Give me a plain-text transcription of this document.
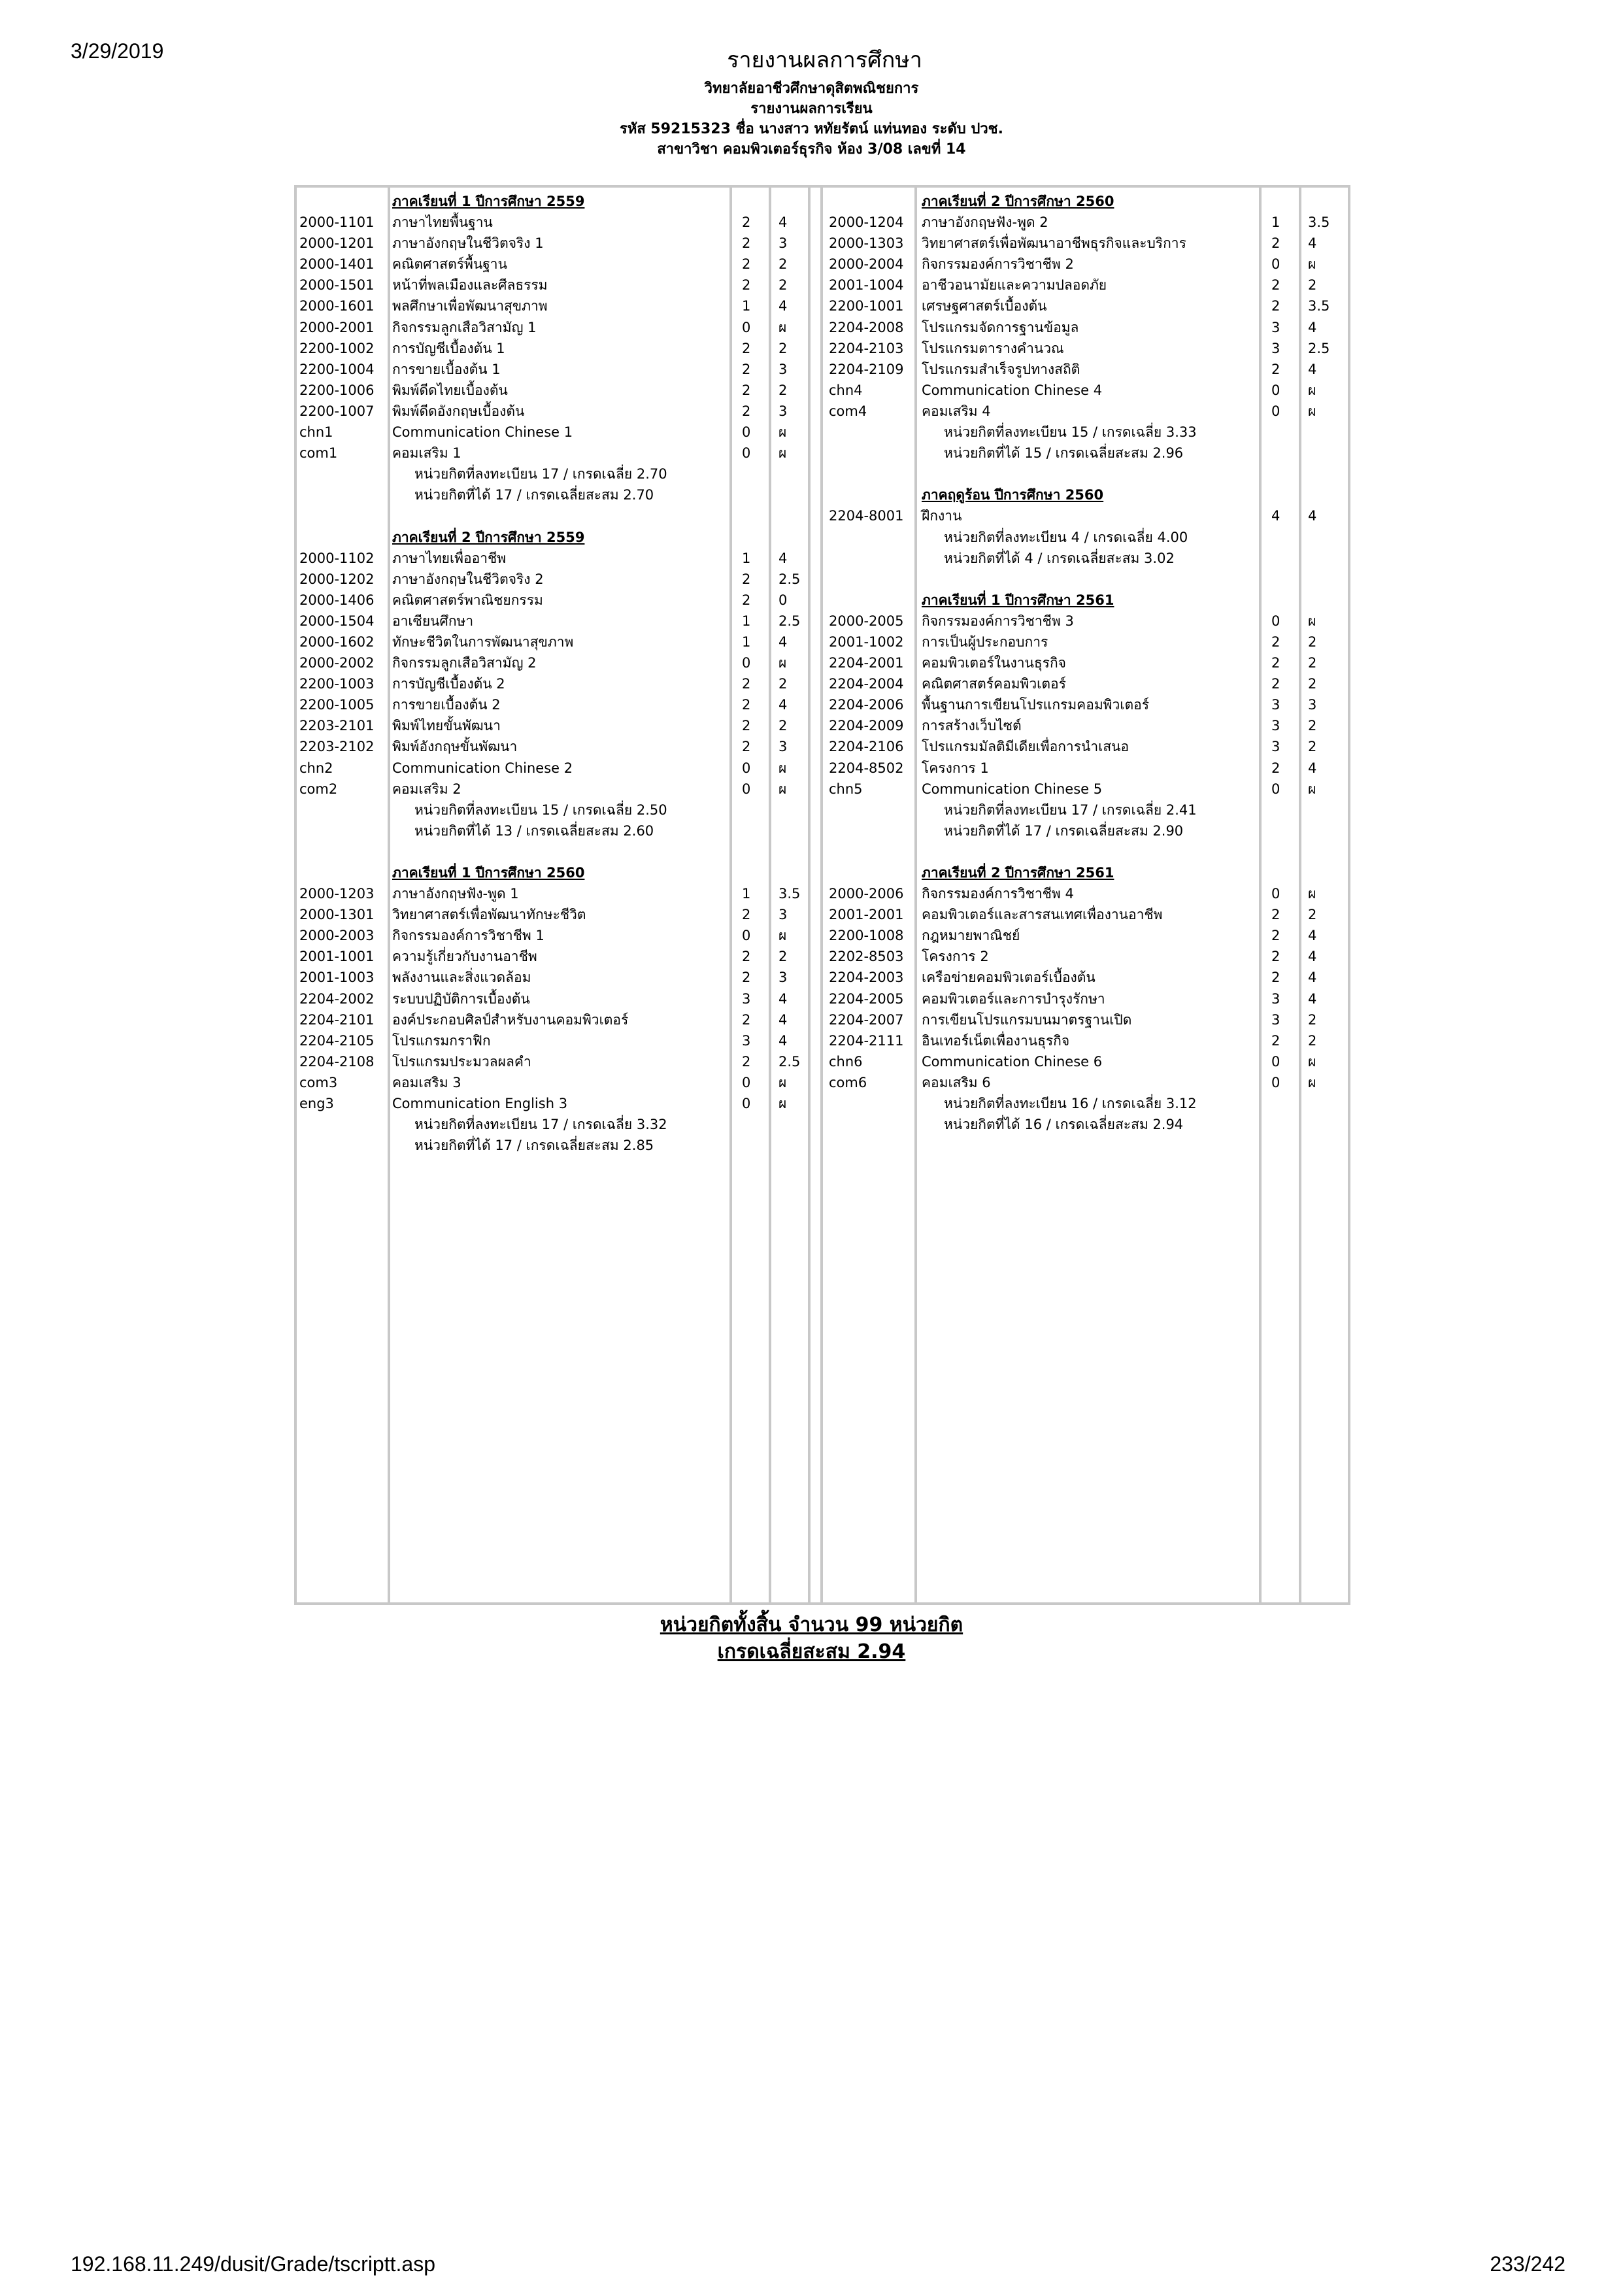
3/29/2019	รายงานผลการศึกษา
วิทยาลัยอาชีวศึกษาดุสิตพณิชยการ
รายงานผลการเรียน
รหัส 59215323 ชื่อ นางสาว หทัยรัตน์ แท่นทอง ระดับ ปวช.
สาขาวิชา คอมพิวเตอร์ธุรกิจ ห้อง 3/08 เลขที่ 14
ภาคเรียนที่ 1 ปีการศึกษา 2559
2000-1101 ภาษาไทยพื้นฐาน	2 4
2000-1201 ภาษาอังกฤษในชีวิตจริง 1	2 3
2000-1401 คณิตศาสตร์พื้นฐาน	2 2
2000-1501 หน้าที่พลเมืองและศีลธรรม	2 2
2000-1601 พลศึกษาเพื่อพัฒนาสุขภาพ	1 4
2000-2001 กิจกรรมลูกเสือวิสามัญ 1	0 ผ
2200-1002 การบัญชีเบื้องต้น 1	2 2
2200-1004 การขายเบื้องต้น 1	2 3
2200-1006 พิมพ์ดีดไทยเบื้องต้น	2 2
2200-1007 พิมพ์ดีดอังกฤษเบื้องต้น	2 3
chn1	Communication Chinese 1	0 ผ
com1	คอมเสริม 1	0 ผ
หน่วยกิตที่ลงทะเบียน 17 / เกรดเฉลี่ย 2.70
หน่วยกิตที่ได้ 17 / เกรดเฉลี่ยสะสม 2.70
ภาคเรียนที่ 2 ปีการศึกษา 2559
2000-1102 ภาษาไทยเพื่ออาชีพ	1 4
2000-1202 ภาษาอังกฤษในชีวิตจริง 2	2 2.5
2000-1406 คณิตศาสตร์พาณิชยกรรม	2 0
2000-1504 อาเซียนศึกษา	1 2.5
2000-1602 ทักษะชีวิตในการพัฒนาสุขภาพ	1 4
2000-2002 กิจกรรมลูกเสือวิสามัญ 2	0 ผ
2200-1003 การบัญชีเบื้องต้น 2	2 2
2200-1005 การขายเบื้องต้น 2	2 4
2203-2101 พิมพ์ไทยขั้นพัฒนา	2 2
2203-2102 พิมพ์อังกฤษขั้นพัฒนา	2 3
chn2	Communication Chinese 2	0 ผ
com2	คอมเสริม 2	0 ผ
หน่วยกิตที่ลงทะเบียน 15 / เกรดเฉลี่ย 2.50
หน่วยกิตที่ได้ 13 / เกรดเฉลี่ยสะสม 2.60
ภาคเรียนที่ 1 ปีการศึกษา 2560
2000-1203 ภาษาอังกฤษฟัง-พูด 1	1 3.5
2000-1301 วิทยาศาสตร์เพื่อพัฒนาทักษะชีวิต	2 3
2000-2003 กิจกรรมองค์การวิชาชีพ 1	0 ผ
2001-1001 ความรู้เกี่ยวกับงานอาชีพ	2 2
2001-1003 พลังงานและสิ่งแวดล้อม	2 3
2204-2002 ระบบปฏิบัติการเบื้องต้น	3 4
2204-2101 องค์ประกอบศิลป์สำหรับงานคอมพิวเตอร์	2 4
2204-2105 โปรแกรมกราฟิก	3 4
2204-2108 โปรแกรมประมวลผลคำ	2 2.5
com3	คอมเสริม 3	0 ผ
eng3	Communication English 3	0 ผ
หน่วยกิตที่ลงทะเบียน 17 / เกรดเฉลี่ย 3.32
หน่วยกิตที่ได้ 17 / เกรดเฉลี่ยสะสม 2.85
ภาคเรียนที่ 2 ปีการศึกษา 2560
2000-1204 ภาษาอังกฤษฟัง-พูด 2	1 3.5
2000-1303 วิทยาศาสตร์เพื่อพัฒนาอาชีพธุรกิจและบริการ	2 4
2000-2004 กิจกรรมองค์การวิชาชีพ 2	0 ผ
2001-1004 อาชีวอนามัยและความปลอดภัย	2 2
2200-1001 เศรษฐศาสตร์เบื้องต้น	2 3.5
2204-2008 โปรแกรมจัดการฐานข้อมูล	3 4
2204-2103 โปรแกรมตารางคำนวณ	3 2.5
2204-2109 โปรแกรมสำเร็จรูปทางสถิติ	2 4
chn4	Communication Chinese 4	0 ผ
com4	คอมเสริม 4	0 ผ
หน่วยกิตที่ลงทะเบียน 15 / เกรดเฉลี่ย 3.33
หน่วยกิตที่ได้ 15 / เกรดเฉลี่ยสะสม 2.96
ภาคฤดูร้อน ปีการศึกษา 2560
2204-8001 ฝึกงาน	4 4
หน่วยกิตที่ลงทะเบียน 4 / เกรดเฉลี่ย 4.00
หน่วยกิตที่ได้ 4 / เกรดเฉลี่ยสะสม 3.02
ภาคเรียนที่ 1 ปีการศึกษา 2561
2000-2005 กิจกรรมองค์การวิชาชีพ 3	0 ผ
2001-1002 การเป็นผู้ประกอบการ	2 2
2204-2001 คอมพิวเตอร์ในงานธุรกิจ	2 2
2204-2004 คณิตศาสตร์คอมพิวเตอร์	2 2
2204-2006 พื้นฐานการเขียนโปรแกรมคอมพิวเตอร์	3 3
2204-2009 การสร้างเว็บไซต์	3 2
2204-2106 โปรแกรมมัลติมีเดียเพื่อการนำเสนอ	3 2
2204-8502 โครงการ 1	2 4
chn5	Communication Chinese 5	0 ผ
หน่วยกิตที่ลงทะเบียน 17 / เกรดเฉลี่ย 2.41
หน่วยกิตที่ได้ 17 / เกรดเฉลี่ยสะสม 2.90
ภาคเรียนที่ 2 ปีการศึกษา 2561
2000-2006 กิจกรรมองค์การวิชาชีพ 4	0 ผ
2001-2001 คอมพิวเตอร์และสารสนเทศเพื่องานอาชีพ	2 2
2200-1008 กฎหมายพาณิชย์	2 4
2202-8503 โครงการ 2	2 4
2204-2003 เครือข่ายคอมพิวเตอร์เบื้องต้น	2 4
2204-2005 คอมพิวเตอร์และการบำรุงรักษา	3 4
2204-2007 การเขียนโปรแกรมบนมาตรฐานเปิด	3 2
2204-2111 อินเทอร์เน็ตเพื่องานธุรกิจ	2 2
chn6	Communication Chinese 6	0 ผ
com6	คอมเสริม 6	0 ผ
หน่วยกิตที่ลงทะเบียน 16 / เกรดเฉลี่ย 3.12
หน่วยกิตที่ได้ 16 / เกรดเฉลี่ยสะสม 2.94
หน่วยกิตทั้งสิ้น จำนวน 99 หน่วยกิต
เกรดเฉลี่ยสะสม 2.94
192.168.11.249/dusit/Grade/tscriptt.asp	233/242
